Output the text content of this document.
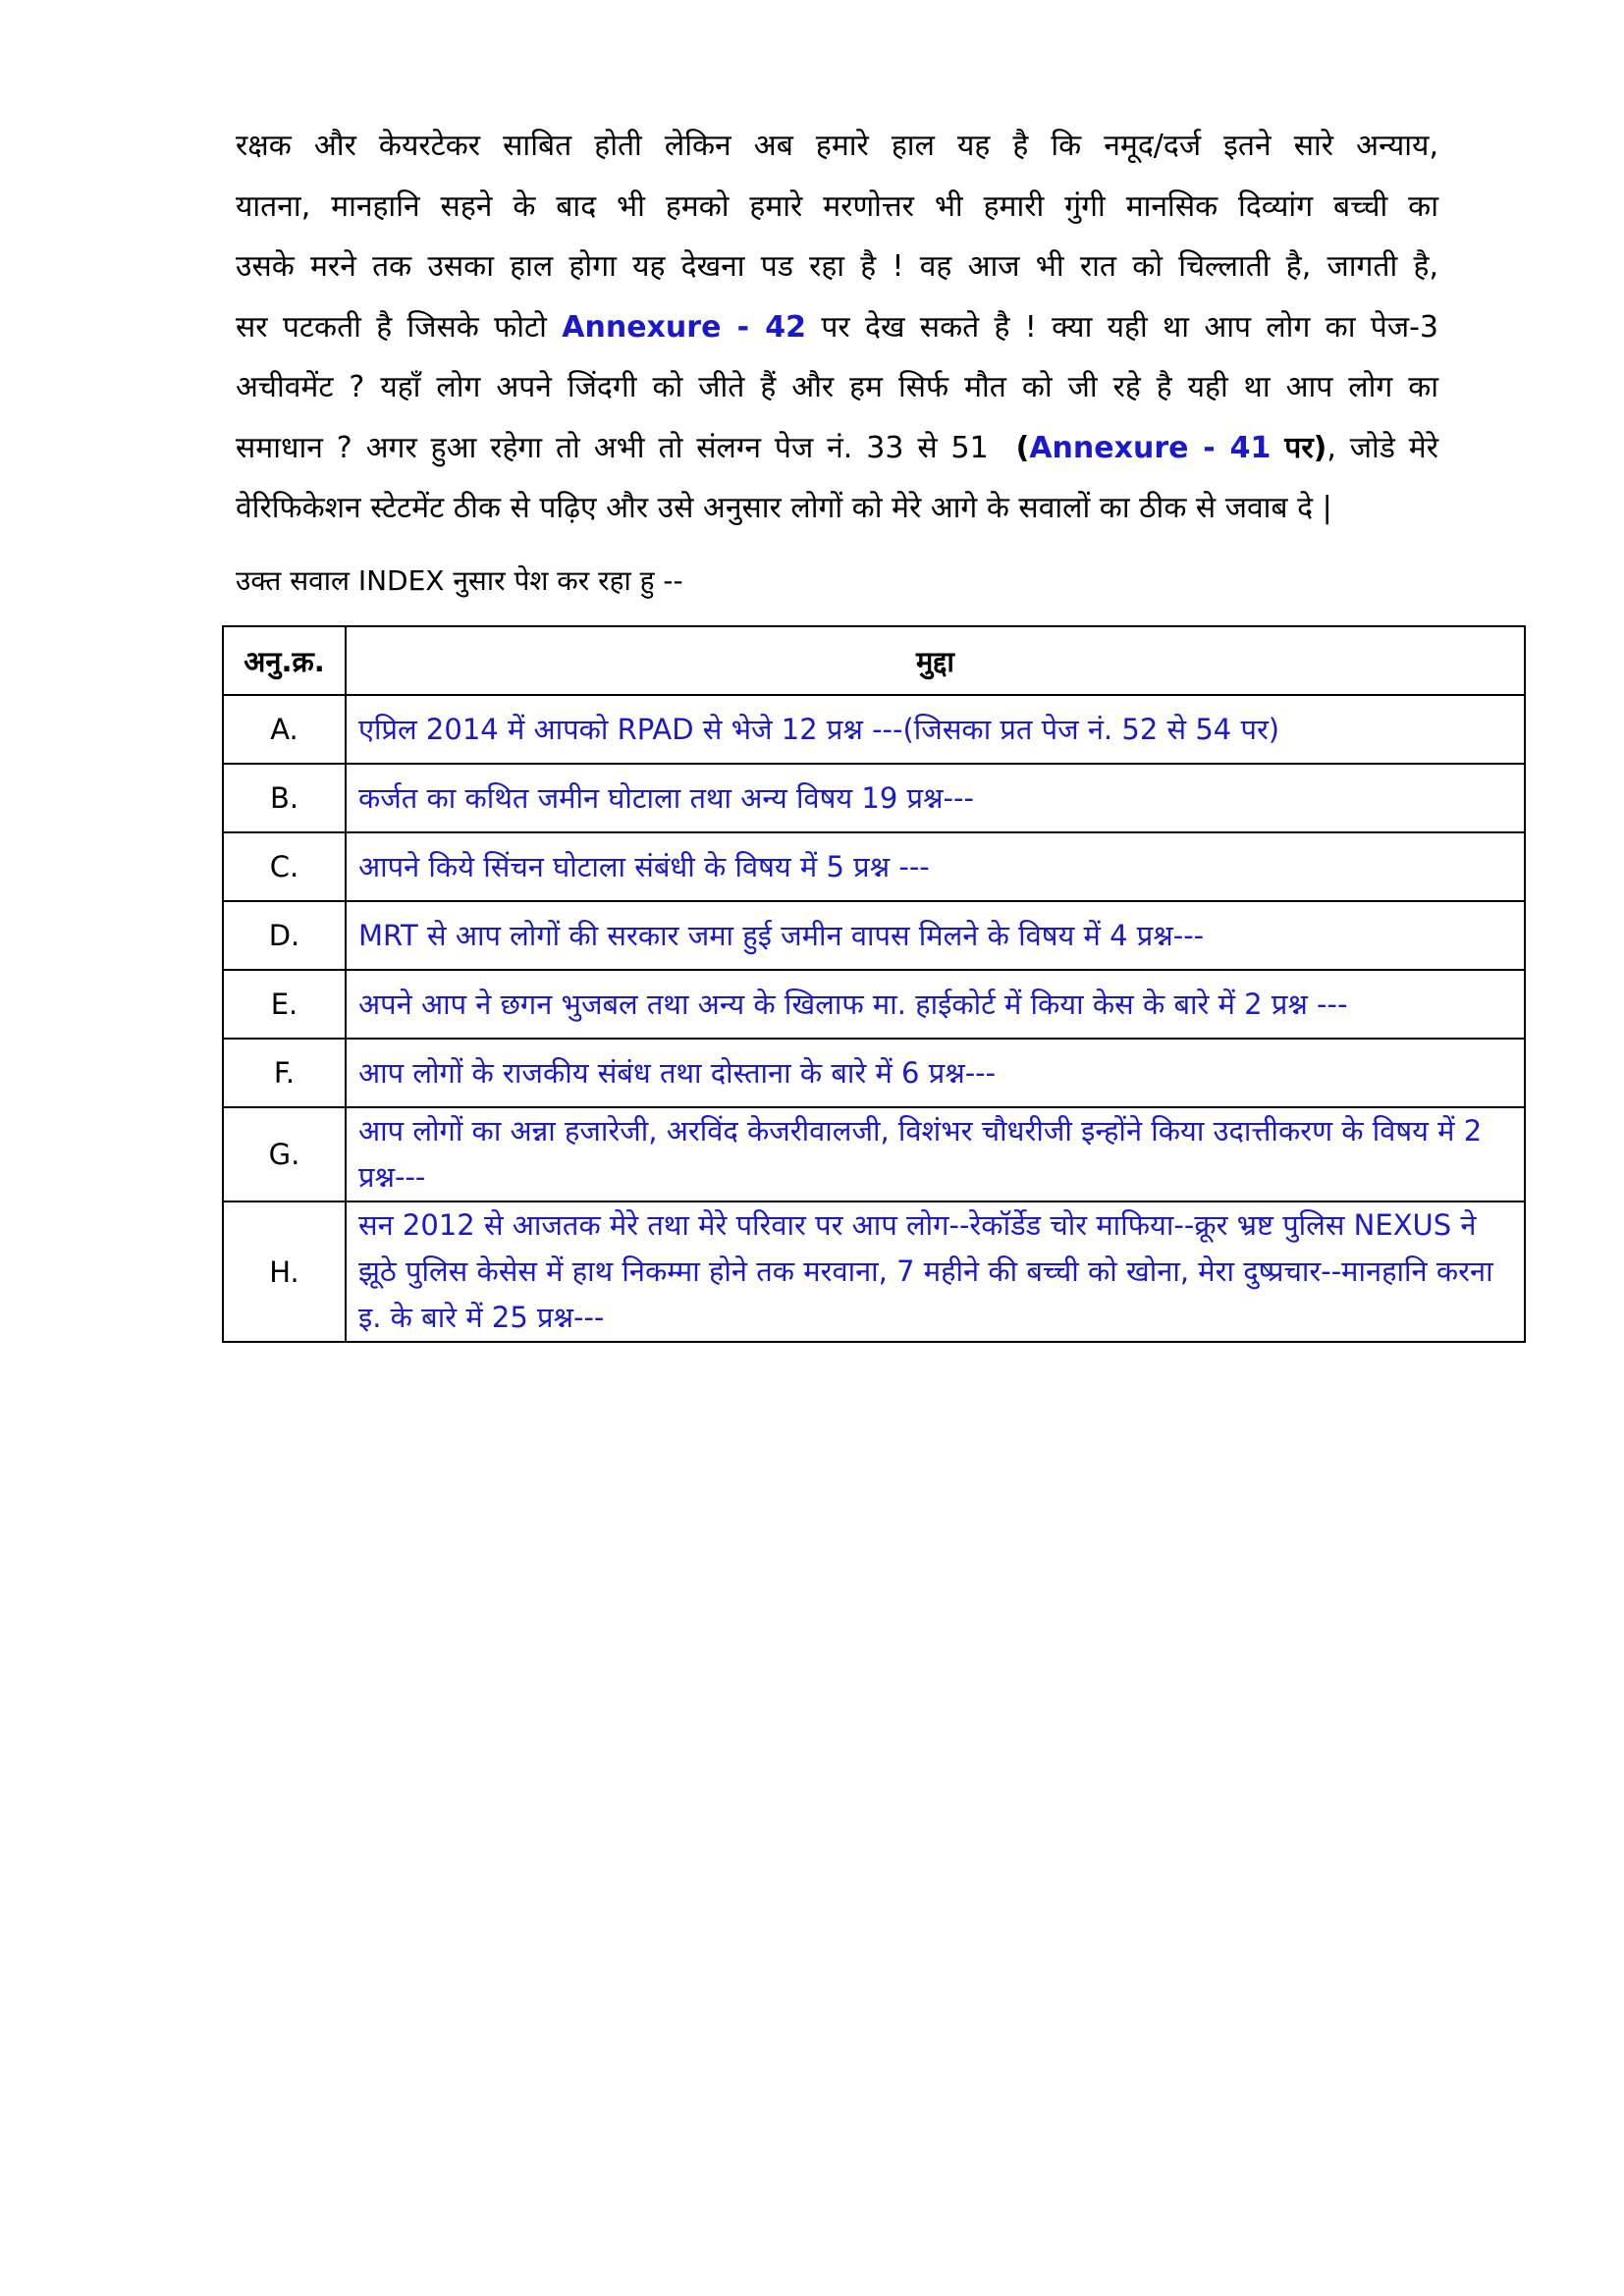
रक्षक और केयरटेकर साबित होती लेकिन अब हमारे हाल यह है कि नमूद/दर्ज इतने सारे अन्याय,
यातना, मानहानि सहने के बाद भी हमको हमारे मरणोत्तर भी हमारी गुंगी मानसिक दिव्यांग बच्ची का
उसके मरने तक उसका हाल होगा यह देखना पड रहा है ! वह आज भी रात को चिल्लाती है, जागती है,
सर पटकती है जिसके फोटो Annexure - 42 पर देख सकते है ! क्या यही था आप लोग का पेज-3
अचीवमेंट ? यहाँ लोग अपने जिंदगी को जीते हैं और हम सिर्फ मौत को जी रहे है यही था आप लोग का
समाधान ? अगर हुआ रहेगा तो अभी तो संलग्न पेज नं. 33 से 51 (Annexure - 41 पर), जोडे मेरे
वेरिफिकेशन स्टेटमेंट ठीक से पढ़िए और उसे अनुसार लोगों को मेरे आगे के सवालों का ठीक से जवाब दे |
उक्त सवाल INDEX नुसार पेश कर रहा हु --
अनु.क्र.	मुद्दा
A.	एप्रिल 2014 में आपको RPAD से भेजे 12 प्रश्न ---(जिसका प्रत पेज नं. 52 से 54 पर)
B.	कर्जत का कथित जमीन घोटाला तथा अन्य विषय 19 प्रश्न---
C.	आपने किये सिंचन घोटाला संबंधी के विषय में 5 प्रश्न ---
D.	MRT से आप लोगों की सरकार जमा हुई जमीन वापस मिलने के विषय में 4 प्रश्न---
E.	अपने आप ने छगन भुजबल तथा अन्य के खिलाफ मा. हाईकोर्ट में किया केस के बारे में 2 प्रश्न ---
F.	आप लोगों के राजकीय संबंध तथा दोस्ताना के बारे में 6 प्रश्न---
G.	आप लोगों का अन्ना हजारेजी, अरविंद केजरीवालजी, विशंभर चौधरीजी इन्होंने किया उदात्तीकरण के विषय में 2 प्रश्न---
H.	सन 2012 से आजतक मेरे तथा मेरे परिवार पर आप लोग--रेकॉर्डेड चोर माफिया--क्रूर भ्रष्ट पुलिस NEXUS ने झूठे पुलिस केसेस में हाथ निकम्मा होने तक मरवाना, 7 महीने की बच्ची को खोना, मेरा दुष्प्रचार--मानहानि करना इ. के बारे में 25 प्रश्न---
